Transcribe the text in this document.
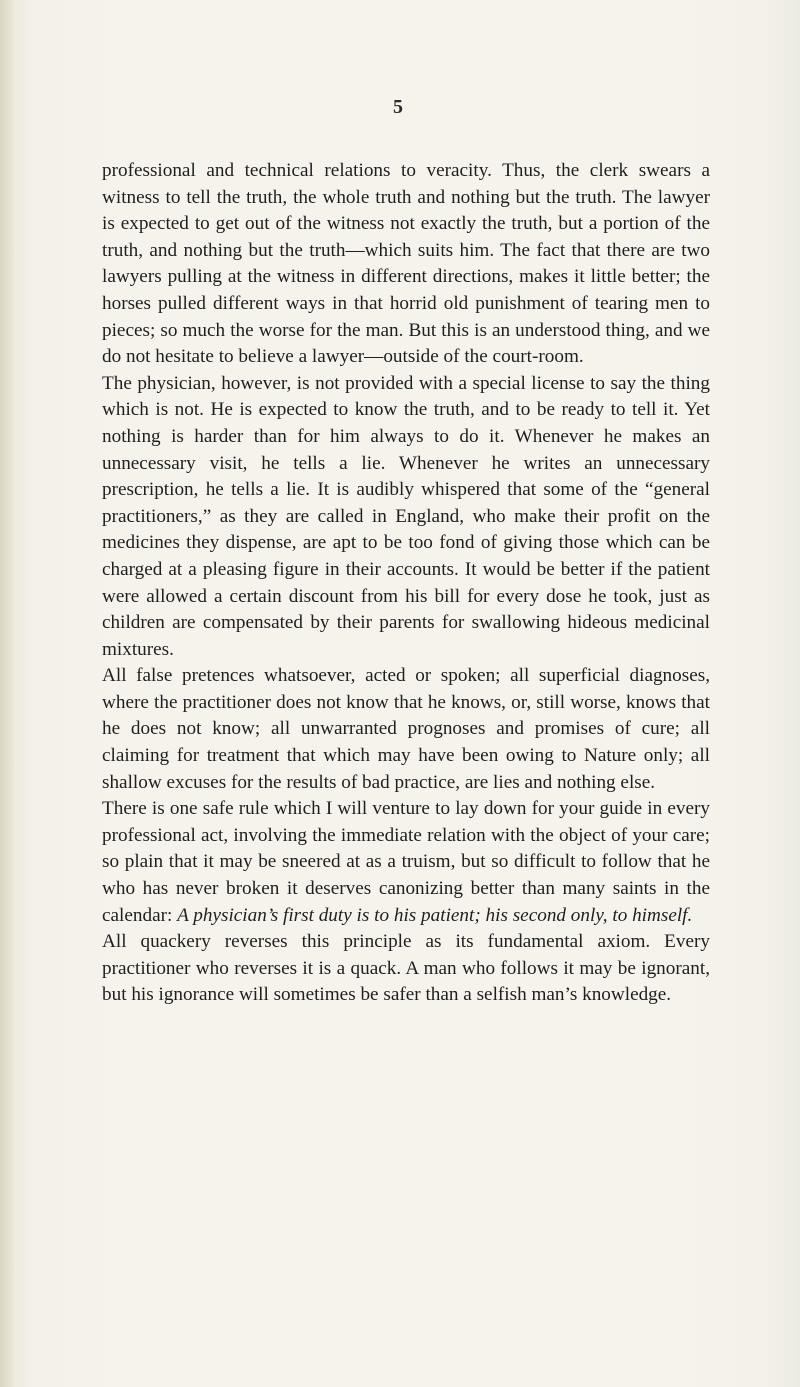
5

professional and technical relations to veracity. Thus, the clerk swears a witness to tell the truth, the whole truth and nothing but the truth. The lawyer is expected to get out of the witness not exactly the truth, but a portion of the truth, and nothing but the truth—which suits him. The fact that there are two lawyers pulling at the witness in different directions, makes it little better; the horses pulled different ways in that horrid old punishment of tearing men to pieces; so much the worse for the man. But this is an understood thing, and we do not hesitate to believe a lawyer—outside of the court-room.

The physician, however, is not provided with a special license to say the thing which is not. He is expected to know the truth, and to be ready to tell it. Yet nothing is harder than for him always to do it. Whenever he makes an unnecessary visit, he tells a lie. Whenever he writes an unnecessary prescription, he tells a lie. It is audibly whispered that some of the “general practitioners,” as they are called in England, who make their profit on the medicines they dispense, are apt to be too fond of giving those which can be charged at a pleasing figure in their accounts. It would be better if the patient were allowed a certain discount from his bill for every dose he took, just as children are compensated by their parents for swallowing hideous medicinal mixtures.

All false pretences whatsoever, acted or spoken; all superficial diagnoses, where the practitioner does not know that he knows, or, still worse, knows that he does not know; all unwarranted prognoses and promises of cure; all claiming for treatment that which may have been owing to Nature only; all shallow excuses for the results of bad practice, are lies and nothing else.

There is one safe rule which I will venture to lay down for your guide in every professional act, involving the immediate relation with the object of your care; so plain that it may be sneered at as a truism, but so difficult to follow that he who has never broken it deserves canonizing better than many saints in the calendar: A physician’s first duty is to his patient; his second only, to himself.

All quackery reverses this principle as its fundamental axiom. Every practitioner who reverses it is a quack. A man who follows it may be ignorant, but his ignorance will sometimes be safer than a selfish man’s knowledge.
